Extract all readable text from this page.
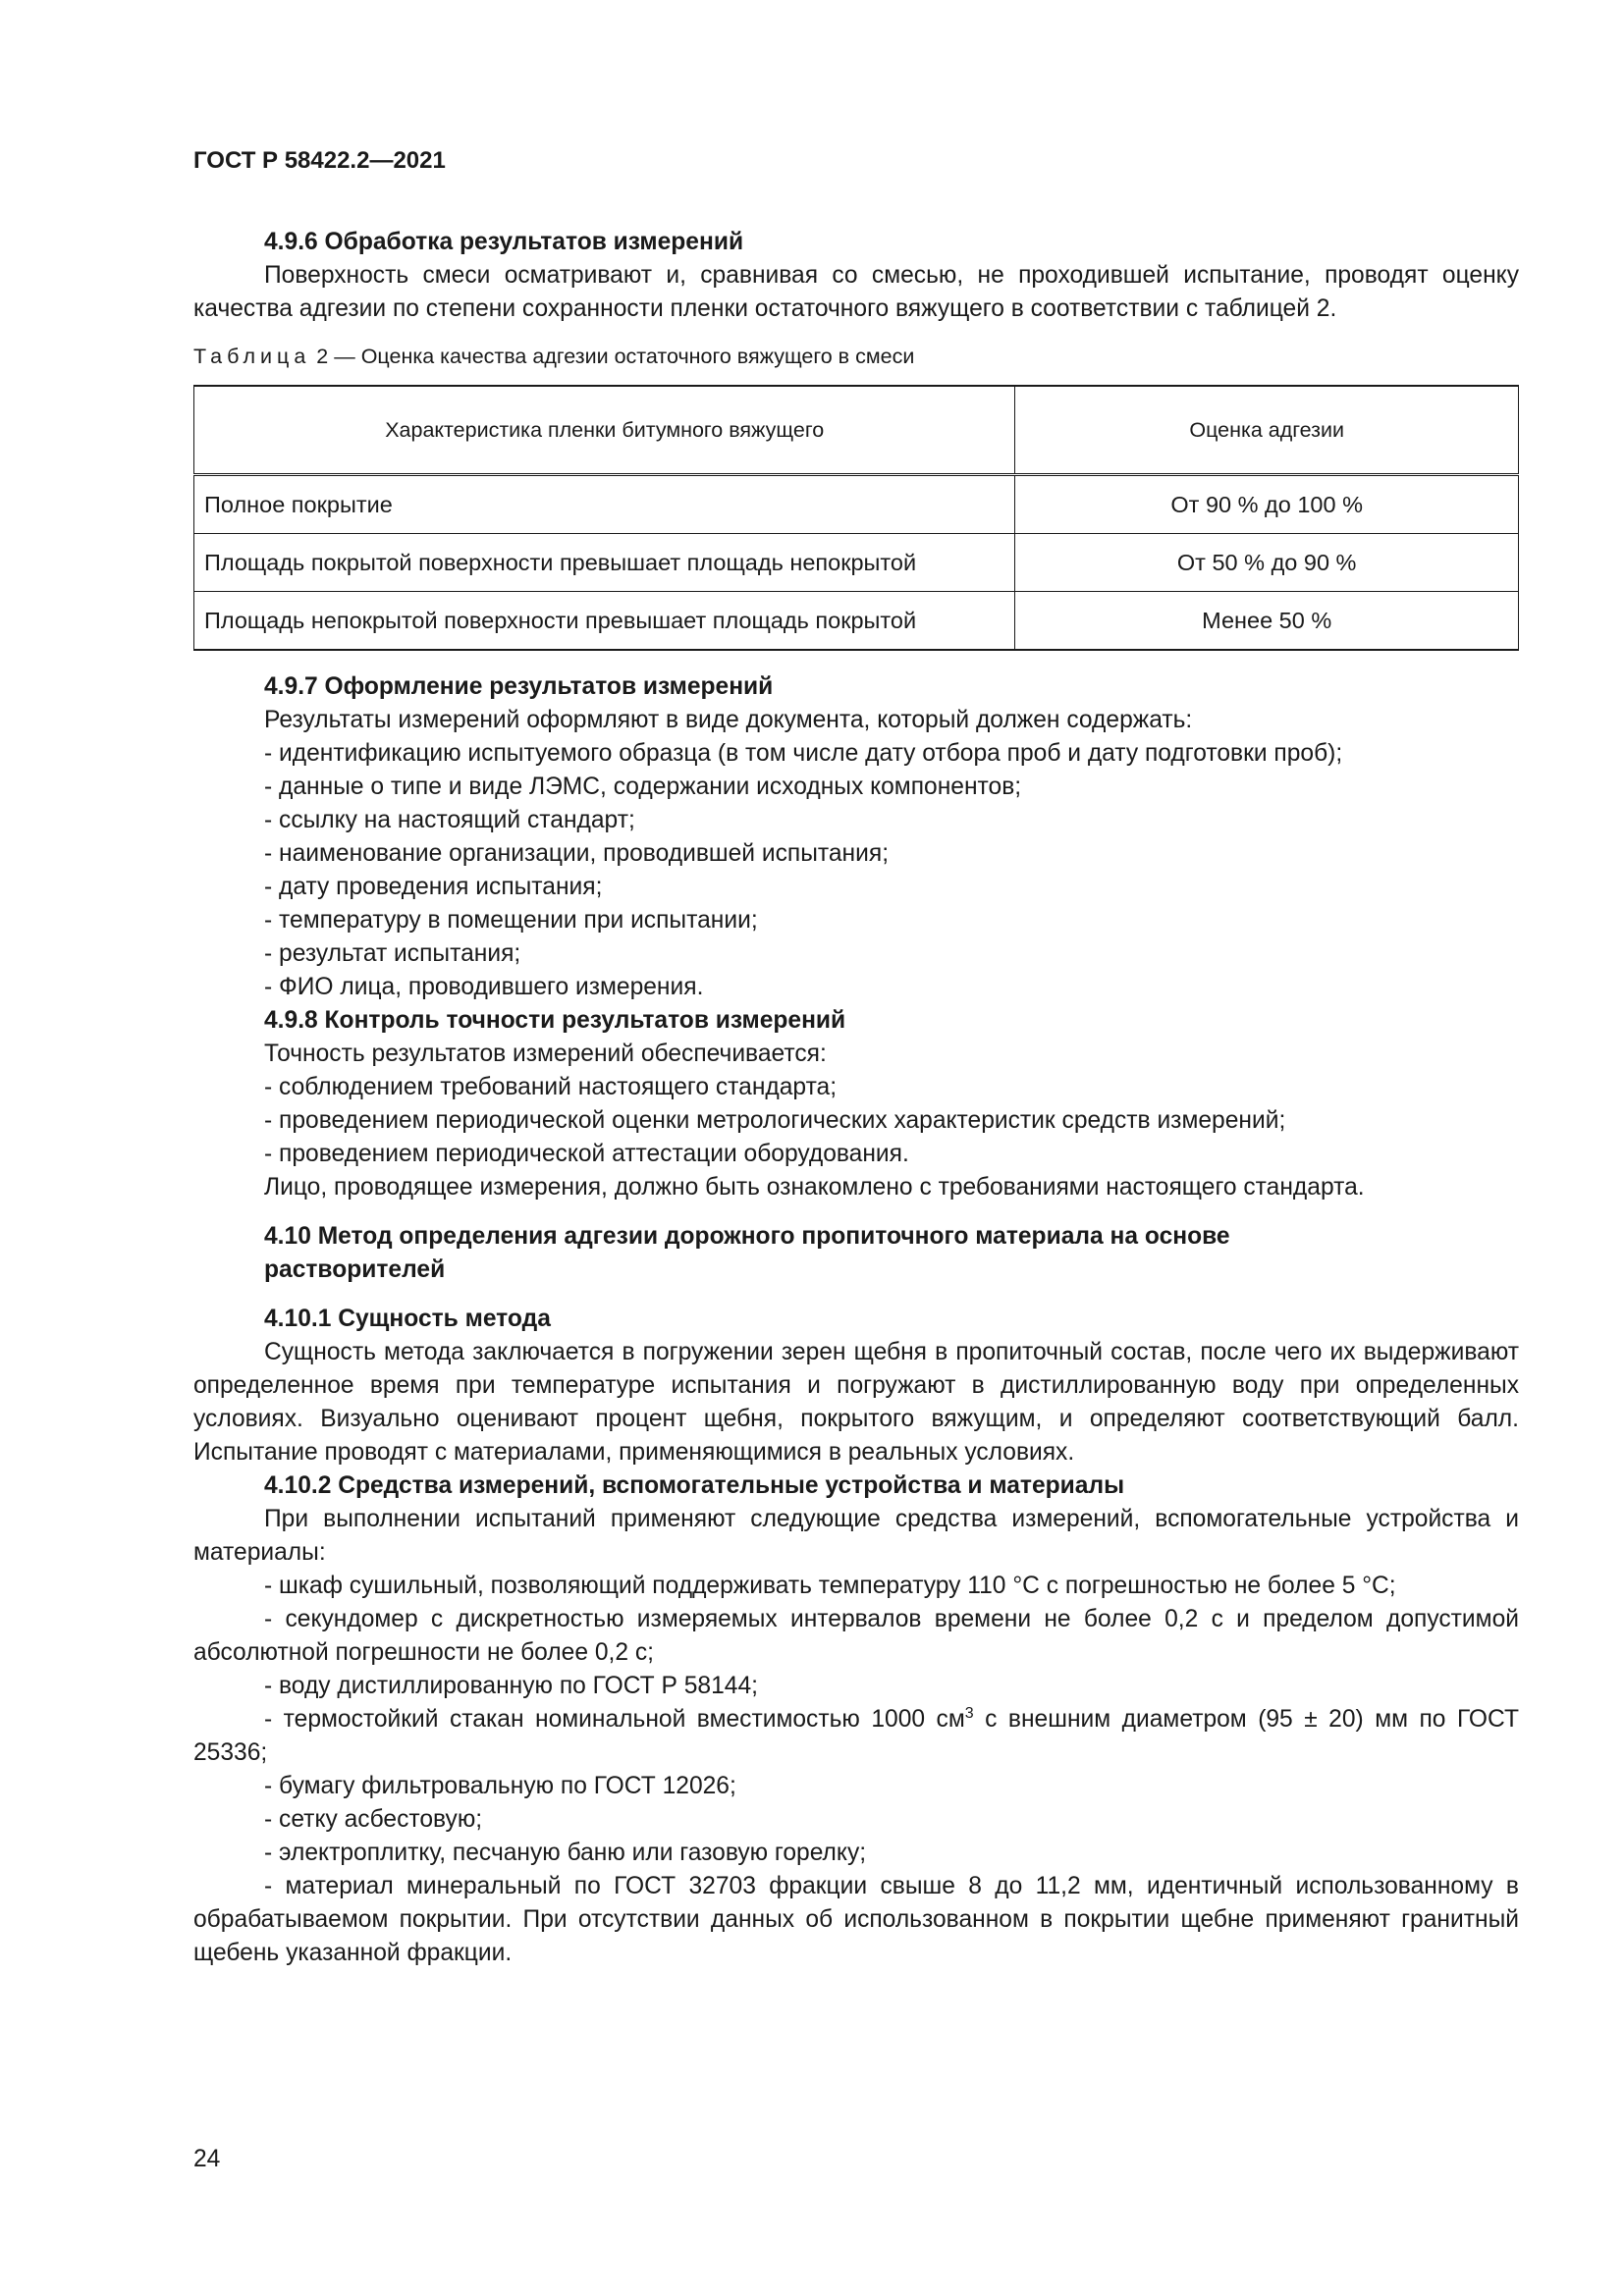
ГОСТ Р 58422.2—2021

4.9.6 Обработка результатов измерений

Поверхность смеси осматривают и, сравнивая со смесью, не проходившей испытание, проводят оценку качества адгезии по степени сохранности пленки остаточного вяжущего в соответствии с таблицей 2.

Таблица 2 — Оценка качества адгезии остаточного вяжущего в смеси

Характеристика пленки битумного вяжущего	Оценка адгезии
Полное покрытие	От 90 % до 100 %
Площадь покрытой поверхности превышает площадь непокрытой	От 50 % до 90 %
Площадь непокрытой поверхности превышает площадь покрытой	Менее 50 %

4.9.7 Оформление результатов измерений

Результаты измерений оформляют в виде документа, который должен содержать:

- идентификацию испытуемого образца (в том числе дату отбора проб и дату подготовки проб);

- данные о типе и виде ЛЭМС, содержании исходных компонентов;

- ссылку на настоящий стандарт;

- наименование организации, проводившей испытания;

- дату проведения испытания;

- температуру в помещении при испытании;

- результат испытания;

- ФИО лица, проводившего измерения.

4.9.8 Контроль точности результатов измерений

Точность результатов измерений обеспечивается:

- соблюдением требований настоящего стандарта;

- проведением периодической оценки метрологических характеристик средств измерений;

- проведением периодической аттестации оборудования.

Лицо, проводящее измерения, должно быть ознакомлено с требованиями настоящего стандарта.

4.10 Метод определения адгезии дорожного пропиточного материала на основе
растворителей

4.10.1 Сущность метода

Сущность метода заключается в погружении зерен щебня в пропиточный состав, после чего их выдерживают определенное время при температуре испытания и погружают в дистиллированную воду при определенных условиях. Визуально оценивают процент щебня, покрытого вяжущим, и определяют соответствующий балл. Испытание проводят с материалами, применяющимися в реальных условиях.

4.10.2 Средства измерений, вспомогательные устройства и материалы

При выполнении испытаний применяют следующие средства измерений, вспомогательные устройства и материалы:

- шкаф сушильный, позволяющий поддерживать температуру 110 °С с погрешностью не более 5 °С;

- секундомер с дискретностью измеряемых интервалов времени не более 0,2 с и пределом допустимой абсолютной погрешности не более 0,2 с;

- воду дистиллированную по ГОСТ Р 58144;

- термостойкий стакан номинальной вместимостью 1000 $см^3$ с внешним диаметром (95 ± 20) мм по ГОСТ 25336;

- бумагу фильтровальную по ГОСТ 12026;

- сетку асбестовую;

- электроплитку, песчаную баню или газовую горелку;

- материал минеральный по ГОСТ 32703 фракции свыше 8 до 11,2 мм, идентичный использованному в обрабатываемом покрытии. При отсутствии данных об использованном в покрытии щебне применяют гранитный щебень указанной фракции.

24
